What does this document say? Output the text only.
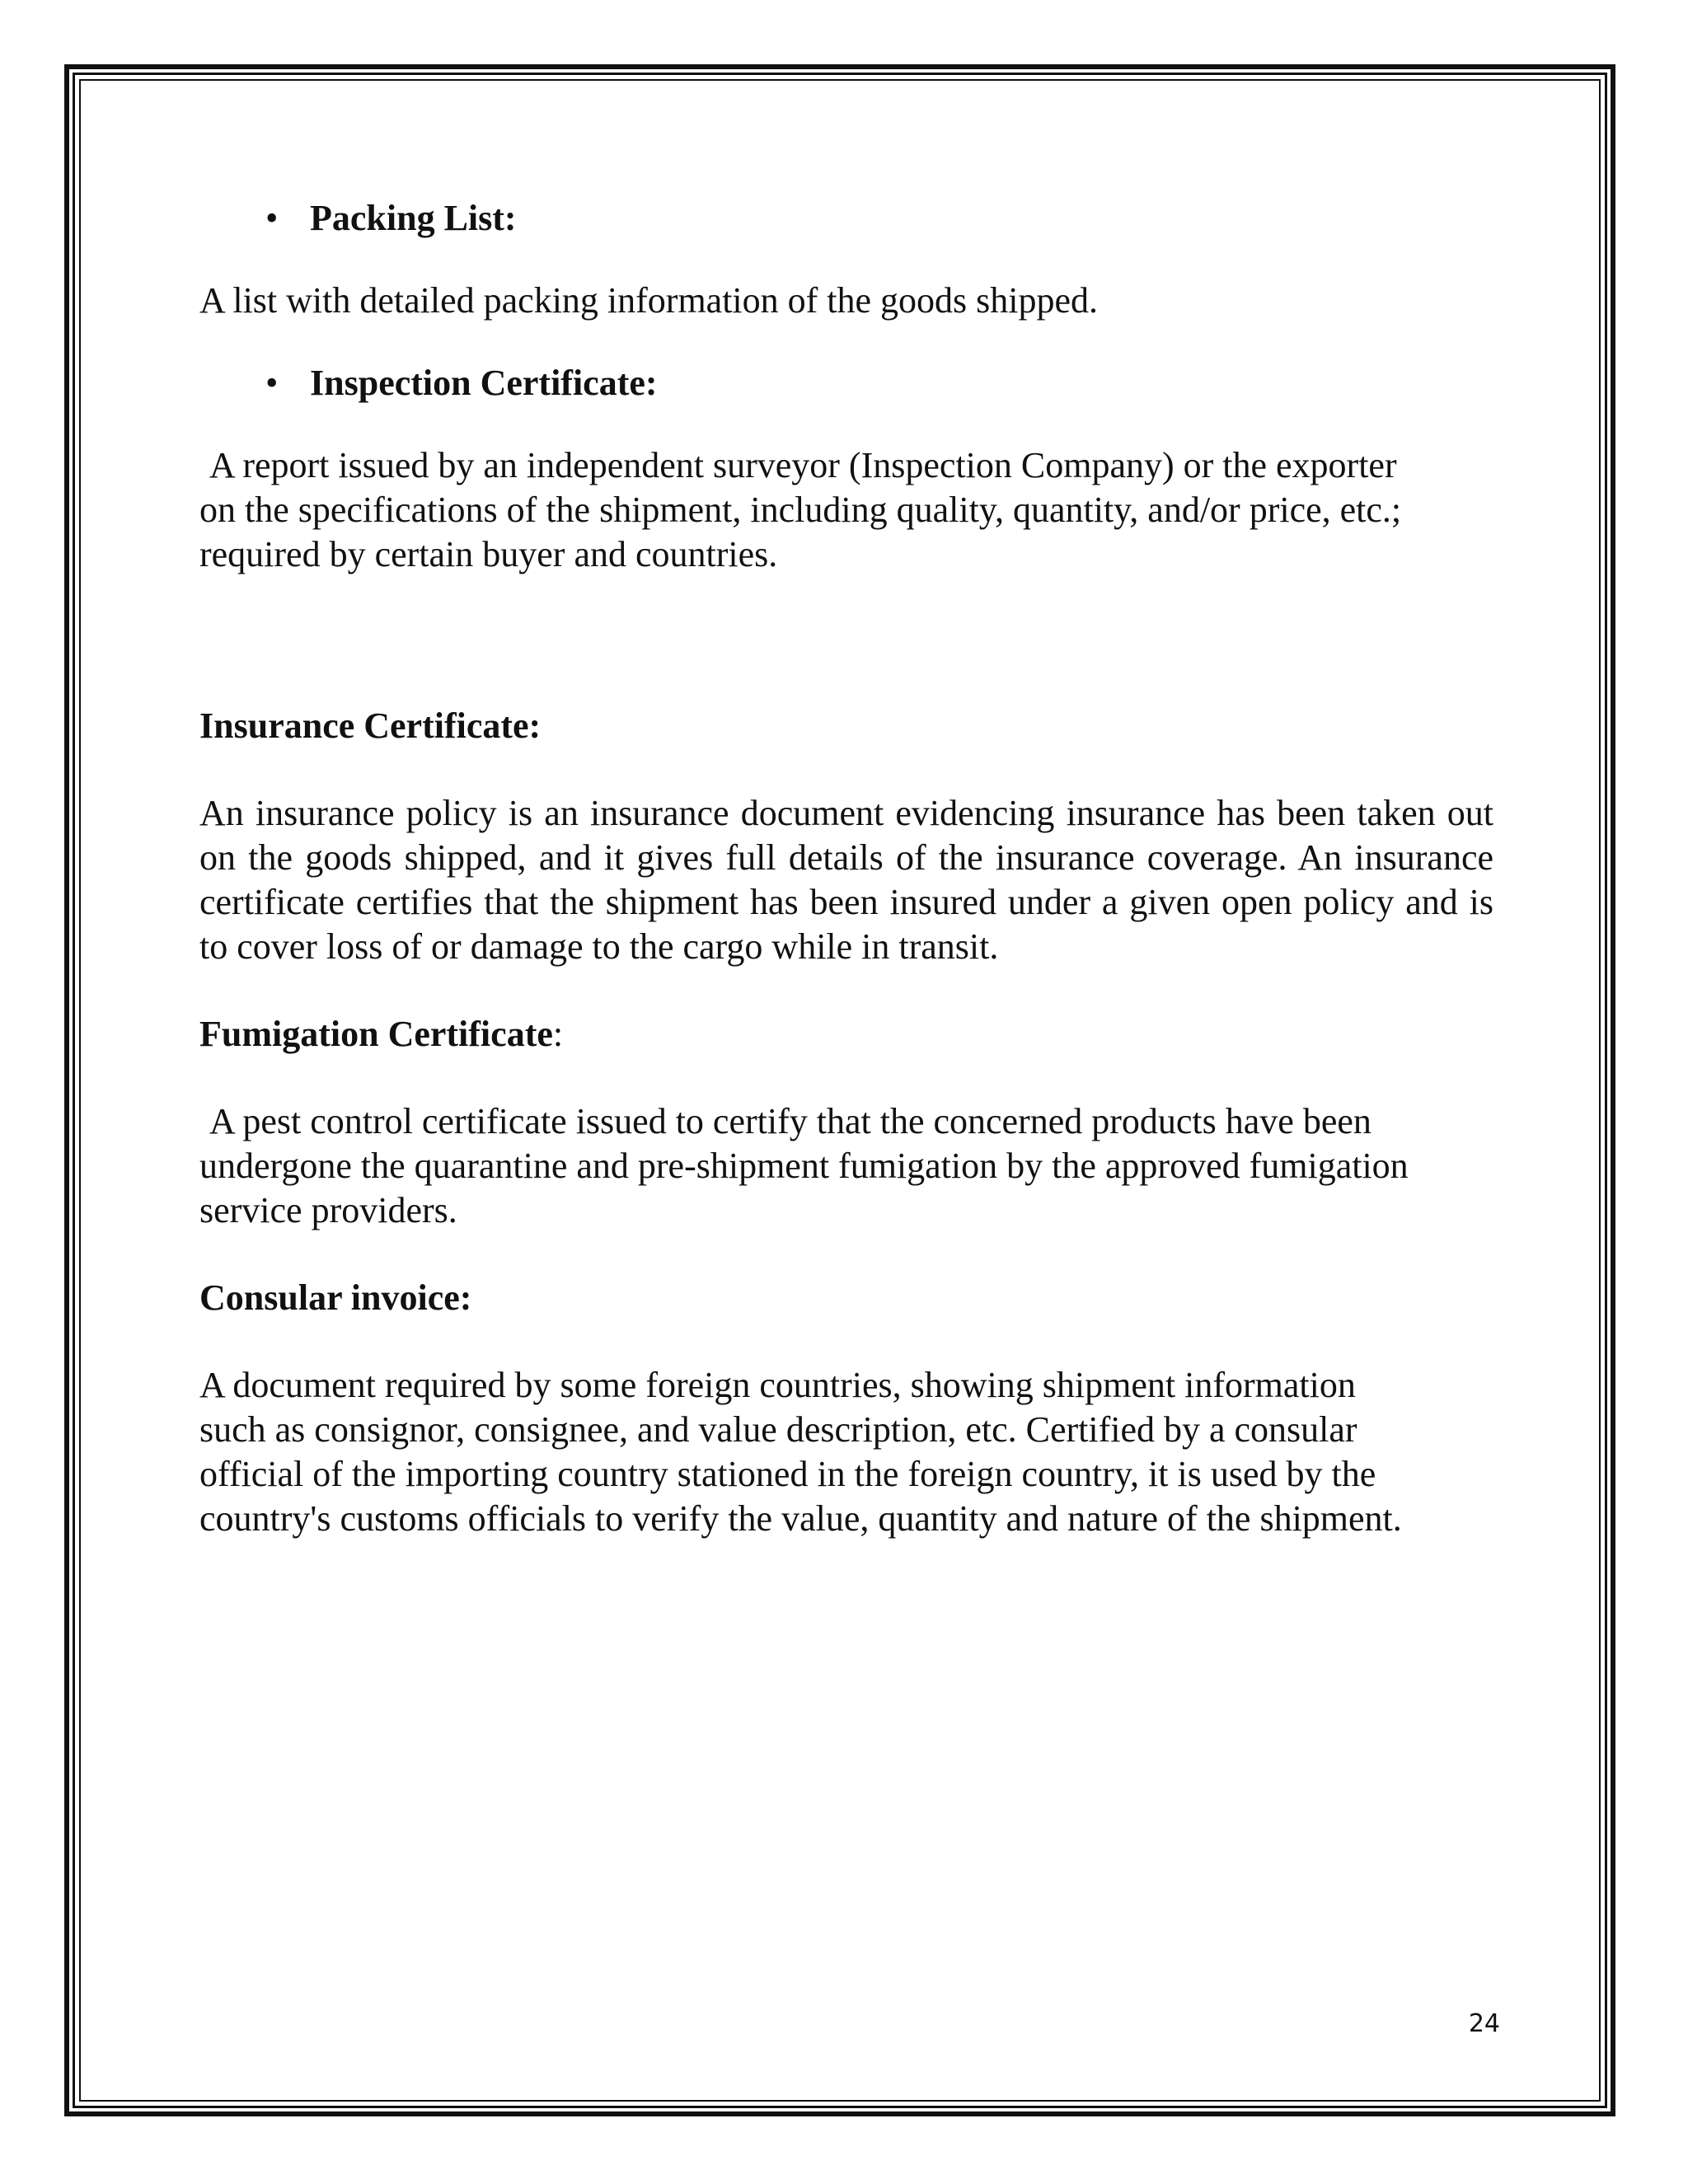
• Packing List:

A list with detailed packing information of the goods shipped.

• Inspection Certificate:

A report issued by an independent surveyor (Inspection Company) or the exporter

on the specifications of the shipment, including quality, quantity, and/or price, etc.;

required by certain buyer and countries.

Insurance Certificate:

An insurance policy is an insurance document evidencing insurance has been taken out on the goods shipped, and it gives full details of the insurance coverage. An insurance certificate certifies that the shipment has been insured under a given open policy and is to cover loss of or damage to the cargo while in transit.

Fumigation Certificate:

A pest control certificate issued to certify that the concerned products have been

undergone the quarantine and pre-shipment fumigation by the approved fumigation

service providers.

Consular invoice:

A document required by some foreign countries, showing shipment information

such as consignor, consignee, and value description, etc. Certified by a consular

official of the importing country stationed in the foreign country, it is used by the

country's customs officials to verify the value, quantity and nature of the shipment.

24
